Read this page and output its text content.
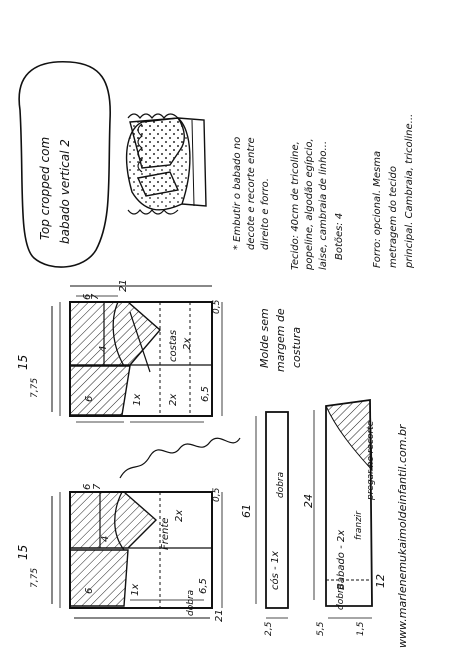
Top cropped com babado vertical 2	* Embutir o babado no decote e recorte entre direito e forro. Tecido: 40cm de tricoline, popeline, algodão egípcio, laise, cambraia de linho... Botões: 4	Forro: opcional. Mesma metragem do tecido principal. Cambraia, tricoline...
Molde sem margem de costura
www.marlenemukaimoldeinfantil.com.br
costas 2x
2x
15
21
6
7
7,75
6	6,5
0,5
1x
4
Frente
2x
1x
15
21
6 7
7,75
6	6,5
0,5
4
dobra
cós - 1x
dobra
61
2,5
Babado - 2x
dobra
24
12
5,5	1,5
franzir
pregar no recorte
